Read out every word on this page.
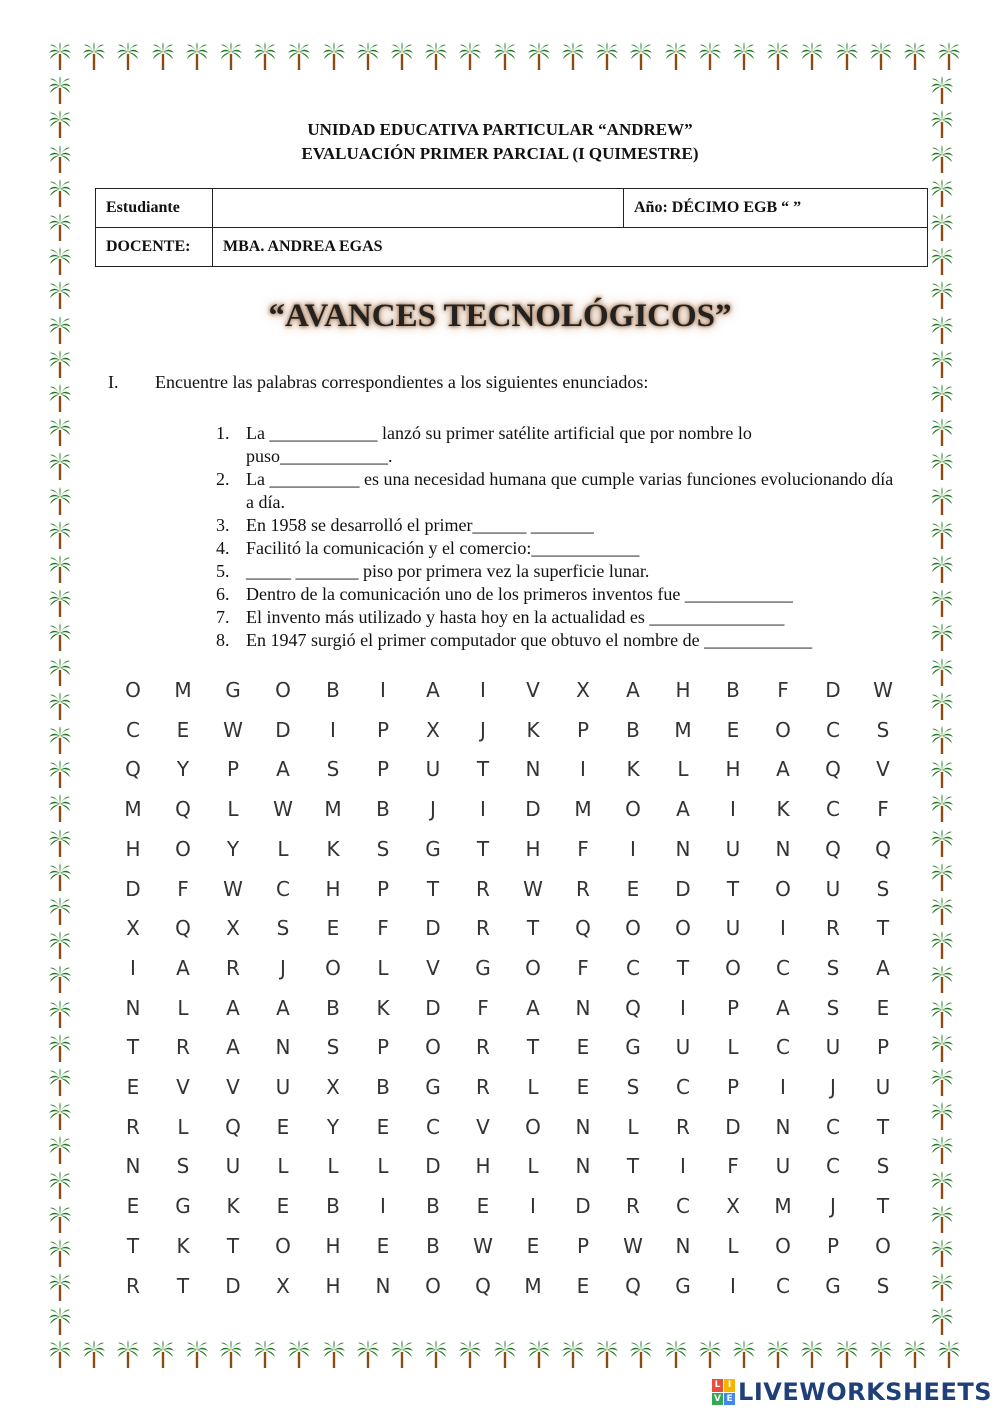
UNIDAD EDUCATIVA PARTICULAR “ANDREW”
EVALUACIÓN PRIMER PARCIAL (I QUIMESTRE)
Estudiante		Año: DÉCIMO EGB “ ”
DOCENTE:	MBA. ANDREA EGAS	
“AVANCES TECNOLÓGICOS”
I. Encuentre las palabras correspondientes a los siguientes enunciados:
1. La ____________ lanzó su primer satélite artificial que por nombre lo puso____________.
2. La __________ es una necesidad humana que cumple varias funciones evolucionando día a día.
3. En 1958 se desarrolló el primer______ _______
4. Facilitó la comunicación y el comercio:____________
5. _____ _______ piso por primera vez la superficie lunar.
6. Dentro de la comunicación uno de los primeros inventos fue ____________
7. El invento más utilizado y hasta hoy en la actualidad es _______________
8. En 1947 surgió el primer computador que obtuvo el nombre de ____________
O	M	G	O	B	I	A	I	V	X	A	H	B	F	D	W
C	E	W	D	I	P	X	J	K	P	B	M	E	O	C	S
Q	Y	P	A	S	P	U	T	N	I	K	L	H	A	Q	V
M	Q	L	W	M	B	J	I	D	M	O	A	I	K	C	F
H	O	Y	L	K	S	G	T	H	F	I	N	U	N	Q	Q
D	F	W	C	H	P	T	R	W	R	E	D	T	O	U	S
X	Q	X	S	E	F	D	R	T	Q	O	O	U	I	R	T
I	A	R	J	O	L	V	G	O	F	C	T	O	C	S	A
N	L	A	A	B	K	D	F	A	N	Q	I	P	A	S	E
T	R	A	N	S	P	O	R	T	E	G	U	L	C	U	P
E	V	V	U	X	B	G	R	L	E	S	C	P	I	J	U
R	L	Q	E	Y	E	C	V	O	N	L	R	D	N	C	T
N	S	U	L	L	L	D	H	L	N	T	I	F	U	C	S
E	G	K	E	B	I	B	E	I	D	R	C	X	M	J	T
T	K	T	O	H	E	B	W	E	P	W	N	L	O	P	O
R	T	D	X	H	N	O	Q	M	E	Q	G	I	C	G	S
L I
V E LIVEWORKSHEETS
